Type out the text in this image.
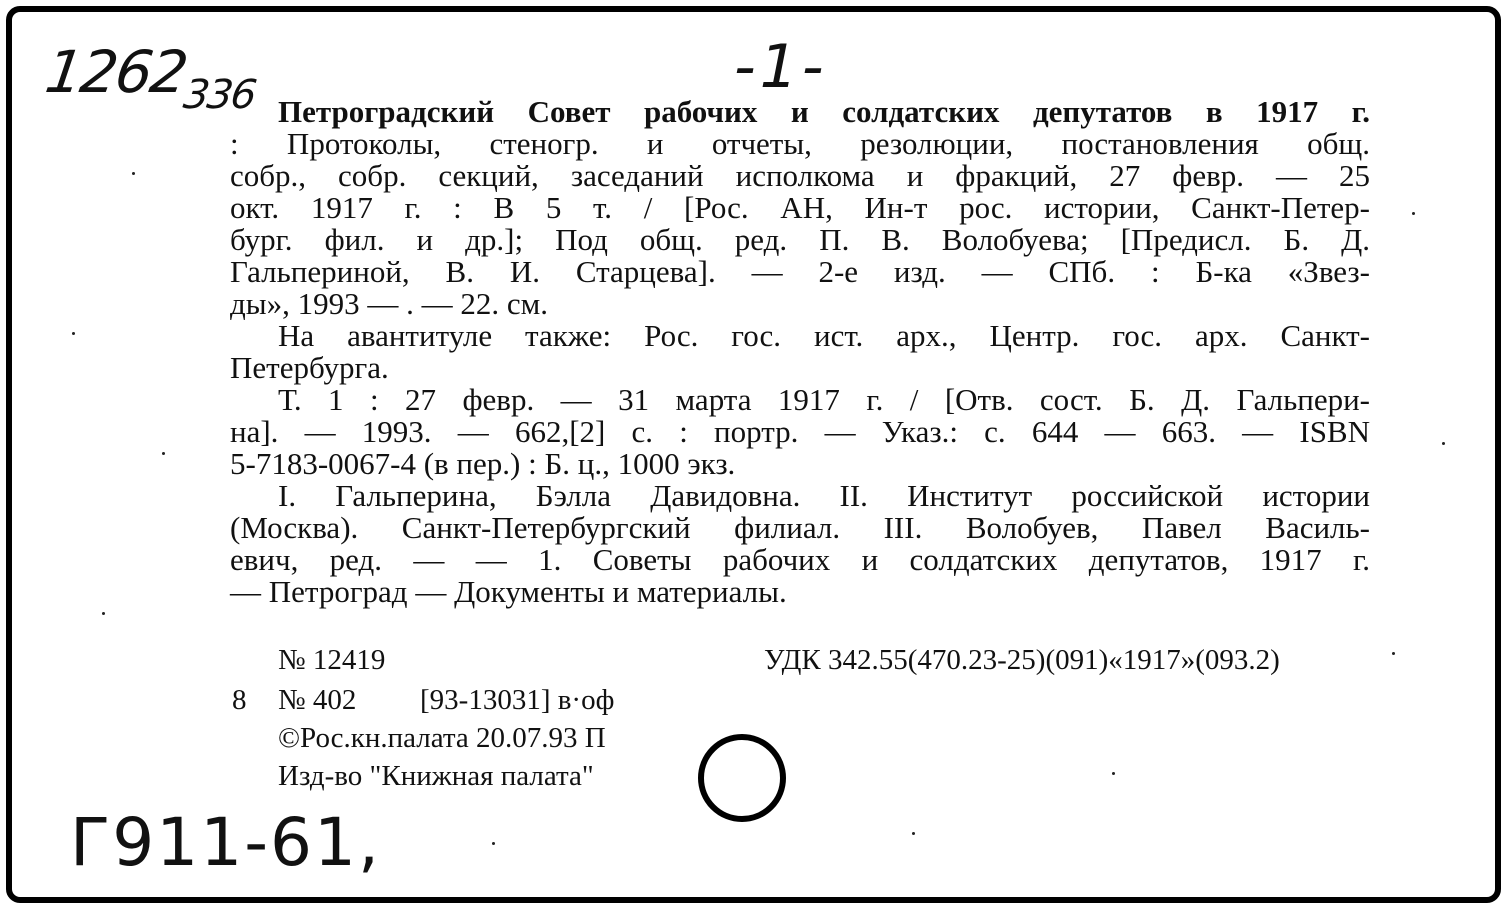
1262
336	-1-
Петроградский Совет рабочих и солдатских депутатов в 1917 г.
: Протоколы, стеногр. и отчеты, резолюции, постановления общ.
собр., собр. секций, заседаний исполкома и фракций, 27 февр. — 25
окт. 1917 г. : В 5 т. / [Рос. АН, Ин-т рос. истории, Санкт-Петер-
бург. фил. и др.]; Под общ. ред. П. В. Волобуева; [Предисл. Б. Д.
Гальпериной, В. И. Старцева]. — 2-е изд. — СПб. : Б-ка «Звез-
ды», 1993 — . — 22. см.
На авантитуле также: Рос. гос. ист. арх., Центр. гос. арх. Санкт-
Петербурга.
Т. 1 : 27 февр. — 31 марта 1917 г. / [Отв. сост. Б. Д. Гальпери-
на]. — 1993. — 662,[2] с. : портр. — Указ.: с. 644 — 663. — ISBN
5-7183-0067-4 (в пер.) : Б. ц., 1000 экз.
I. Гальперина, Бэлла Давидовна. II. Институт российской истории
(Москва). Санкт-Петербургский филиал. III. Волобуев, Павел Василь-
евич, ред. — — 1. Советы рабочих и солдатских депутатов, 1917 г.
— Петроград — Документы и материалы.
№ 12419	УДК 342.55(470.23-25)(091)«1917»(093.2)
8 № 402 [93-13031] в·оф
©Рос.кн.палата 20.07.93 П
Изд-во "Книжная палата"
Г911-61,
